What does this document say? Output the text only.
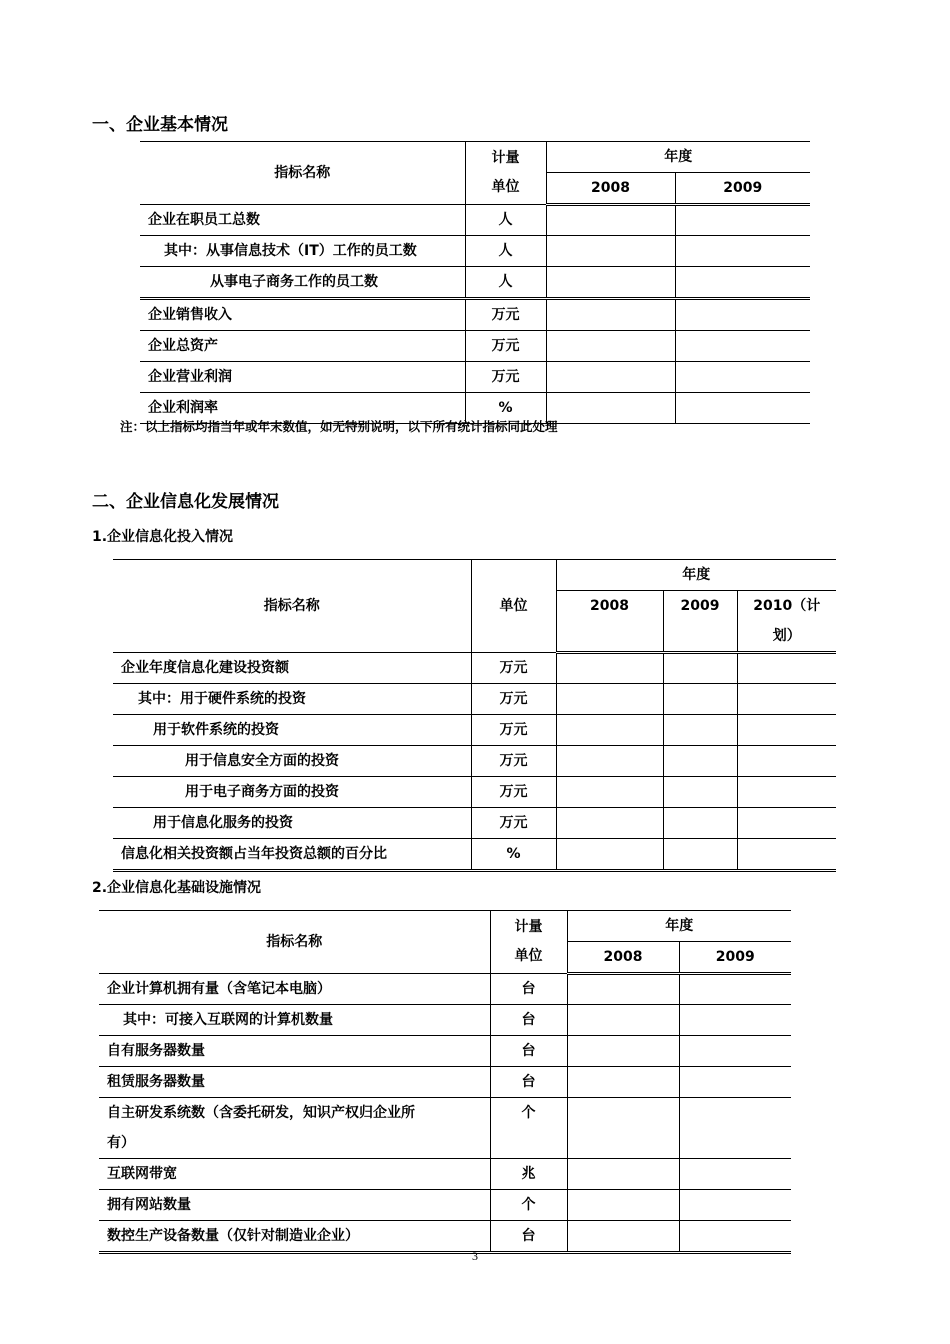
一、企业基本情况
指标名称	计量
单位	年度	
		2008	2009
企业在职员工总数	人		
其中：从事信息技术（IT）工作的员工数	人		
从事电子商务工作的员工数	人		
企业销售收入	万元		
企业总资产	万元		
企业营业利润	万元		
企业利润率	%		
注：以上指标均指当年或年末数值，如无特别说明，以下所有统计指标同此处理
二、企业信息化发展情况
1.企业信息化投入情况
指标名称	单位	年度		
		2008	2009	2010（计
划）

企业年度信息化建设投资额	万元			
其中：用于硬件系统的投资	万元			
用于软件系统的投资	万元			
用于信息安全方面的投资	万元			
用于电子商务方面的投资	万元			
用于信息化服务的投资	万元			
信息化相关投资额占当年投资总额的百分比	%			
2.企业信息化基础设施情况
指标名称	计量
单位	年度	
		2008	2009
企业计算机拥有量（含笔记本电脑）	台		
其中：可接入互联网的计算机数量	台		
自有服务器数量	台		
租赁服务器数量	台		

自主研发系统数（含委托研发，知识产权归企业所
有）	个		
互联网带宽	兆		
拥有网站数量	个		
数控生产设备数量（仅针对制造业企业）	台		
3
